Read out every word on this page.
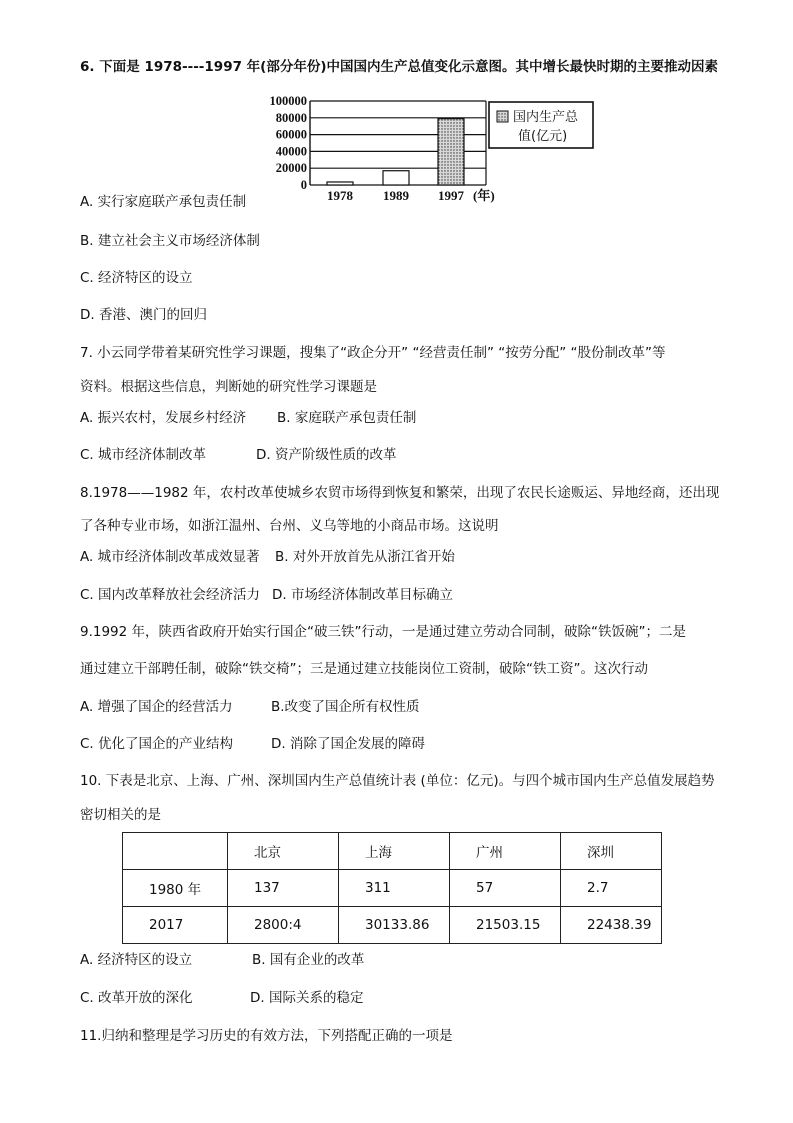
6. 下面是 1978----1997 年(部分年份)中国国内生产总值变化示意图。其中增长最快时期的主要推动因素
100000
80000
60000
40000
20000
0
1978 1989 1997 (年)
国内生产总
值(亿元)
A. 实行家庭联产承包责任制
B. 建立社会主义市场经济体制
C. 经济特区的设立
D. 香港、澳门的回归
7. 小云同学带着某研究性学习课题，搜集了“政企分开” “经营责任制” “按劳分配” “股份制改革”等
资料。根据这些信息，判断她的研究性学习课题是
A. 振兴农村，发展乡村经济 B. 家庭联产承包责任制
C. 城市经济体制改革	D. 资产阶级性质的改革
8.1978——1982 年，农村改革使城乡农贸市场得到恢复和繁荣，出现了农民长途贩运、异地经商，还出现
了各种专业市场，如浙江温州、台州、义乌等地的小商品市场。这说明
A. 城市经济体制改革成效显著 B. 对外开放首先从浙江省开始
C. 国内改革释放社会经济活力 D. 市场经济体制改革目标确立
9.1992 年，陕西省政府开始实行国企“破三铁”行动，一是通过建立劳动合同制，破除“铁饭碗”；二是
通过建立干部聘任制，破除“铁交椅”；三是通过建立技能岗位工资制，破除“铁工资”。这次行动
A. 增强了国企的经营活力	B.改变了国企所有权性质
C. 优化了国企的产业结构	D. 消除了国企发展的障碍
10. 下表是北京、上海、广州、深圳国内生产总值统计表 (单位：亿元)。与四个城市国内生产总值发展趋势
密切相关的是
	北京	上海	广州	深圳
1980 年	137	311	57	2.7
2017	2800:4	30133.86	21503.15	22438.39
A. 经济特区的设立	B. 国有企业的改革
C. 改革开放的深化	D. 国际关系的稳定
11.归纳和整理是学习历史的有效方法，下列搭配正确的一项是
